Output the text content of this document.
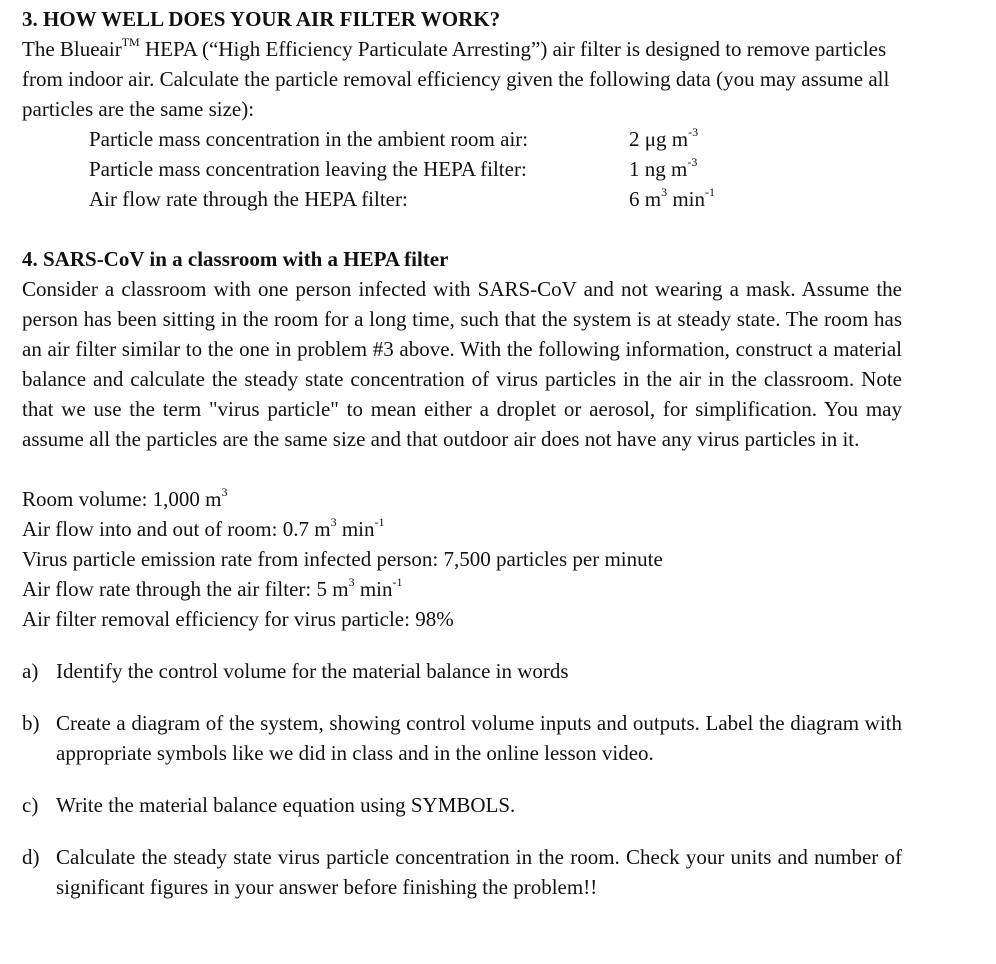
3. HOW WELL DOES YOUR AIR FILTER WORK?

The Blueair™ HEPA (“High Efficiency Particulate Arresting”) air filter is designed to remove particles from indoor air. Calculate the particle removal efficiency given the following data (you may assume all particles are the same size):

Particle mass concentration in the ambient room air:	2 μg $m^{-3}$
Particle mass concentration leaving the HEPA filter:	1 ng $m^{-3}$
Air flow rate through the HEPA filter:	6 $m^3$ $\min^{-1}$

4. SARS-CoV in a classroom with a HEPA filter

Consider a classroom with one person infected with SARS-CoV and not wearing a mask. Assume the person has been sitting in the room for a long time, such that the system is at steady state. The room has an air filter similar to the one in problem #3 above. With the following information, construct a material balance and calculate the steady state concentration of virus particles in the air in the classroom. Note that we use the term "virus particle" to mean either a droplet or aerosol, for simplification. You may assume all the particles are the same size and that outdoor air does not have any virus particles in it.

Room volume: 1,000 $m^3$

Air flow into and out of room: 0.7 $m^3$ $\min^{-1}$

Virus particle emission rate from infected person: 7,500 particles per minute

Air flow rate through the air filter: 5 $m^3$ $\min^{-1}$

Air filter removal efficiency for virus particle: 98%

a) Identify the control volume for the material balance in words
b) Create a diagram of the system, showing control volume inputs and outputs. Label the diagram with appropriate symbols like we did in class and in the online lesson video.
c) Write the material balance equation using SYMBOLS.
d) Calculate the steady state virus particle concentration in the room. Check your units and number of significant figures in your answer before finishing the problem!!
